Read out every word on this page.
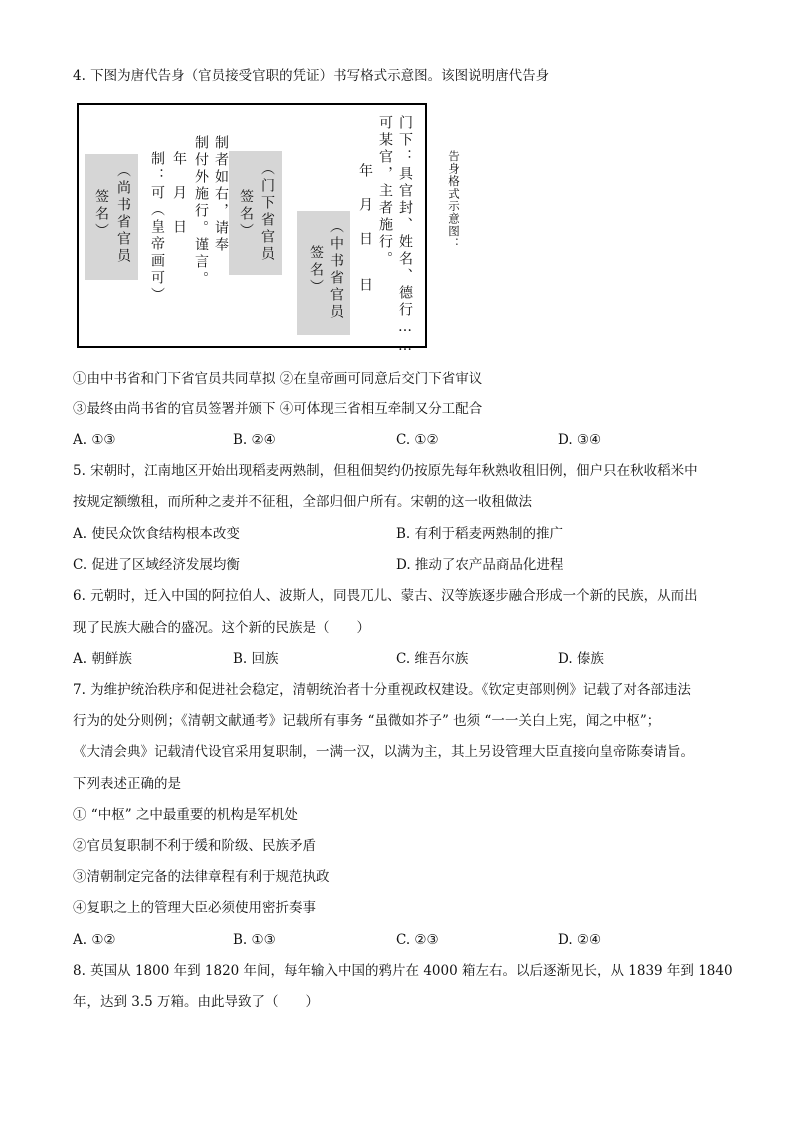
4. 下图为唐代告身（官员接受官职的凭证）书写格式示意图。该图说明唐代告身
门下：具官封、姓名、德行……
可某官，主者施行。
年　月　日
（中书省官员
签名） 日
（门下省官员
签名）
制者如右，请奉
制付外施行。谨言。
年　月　日
制：可（皇帝画可）
（尚书省官员
签名）	告身格式示意图：
①由中书省和门下省官员共同草拟 ②在皇帝画可同意后交门下省审议
③最终由尚书省的官员签署并颁下 ④可体现三省相互牵制又分工配合
A. ①③	B. ②④	C. ①②	D. ③④
5. 宋朝时，江南地区开始出现稻麦两熟制，但租佃契约仍按原先每年秋熟收租旧例，佃户只在秋收稻米中
按规定额缴租，而所种之麦并不征租，全部归佃户所有。宋朝的这一收租做法
A. 使民众饮食结构根本改变	B. 有利于稻麦两熟制的推广
C. 促进了区域经济发展均衡	D. 推动了农产品商品化进程
6. 元朝时，迁入中国的阿拉伯人、波斯人，同畏兀儿、蒙古、汉等族逐步融合形成一个新的民族，从而出
现了民族大融合的盛况。这个新的民族是（　　）
A. 朝鲜族	B. 回族	C. 维吾尔族	D. 傣族
7. 为维护统治秩序和促进社会稳定，清朝统治者十分重视政权建设。《钦定吏部则例》记载了对各部违法
行为的处分则例；《清朝文献通考》记载所有事务 “虽微如芥子” 也须 “一一关白上宪，闻之中枢”；
《大清会典》记载清代设官采用复职制，一满一汉，以满为主，其上另设管理大臣直接向皇帝陈奏请旨。
下列表述正确的是
① “中枢” 之中最重要的机构是军机处
②官员复职制不利于缓和阶级、民族矛盾
③清朝制定完备的法律章程有利于规范执政
④复职之上的管理大臣必须使用密折奏事
A. ①②	B. ①③	C. ②③	D. ②④
8. 英国从 1800 年到 1820 年间，每年输入中国的鸦片在 4000 箱左右。以后逐渐见长，从 1839 年到 1840
年，达到 3.5 万箱。由此导致了（　　）
